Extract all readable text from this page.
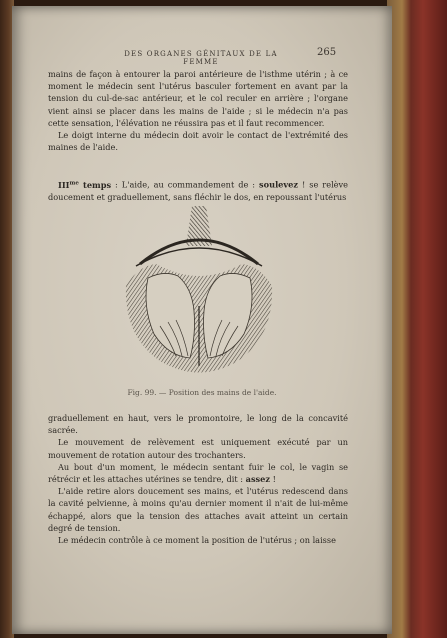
DES ORGANES GÉNITAUX DE LA FEMME
265

mains de façon à entourer la paroi antérieure de l'isthme utérin ; à ce moment le médecin sent l'utérus basculer fortement en avant par la tension du cul-de-sac antérieur, et le col reculer en arrière ; l'organe vient ainsi se placer dans les mains de l'aide ; si le médecin n'a pas cette sensation, l'élévation ne réussira pas et il faut recommencer.

Le doigt interne du médecin doit avoir le contact de l'extrémité des maines de l'aide.

$III^{me}$ temps : L'aide, au commandement de : soulevez ! se relève doucement et graduellement, sans fléchir le dos, en repoussant l'utérus

Fig. 99. — Position des mains de l'aide.

graduellement en haut, vers le promontoire, le long de la concavité sacrée.

Le mouvement de relèvement est uniquement exécuté par un mouvement de rotation autour des trochanters.

Au bout d'un moment, le médecin sentant fuir le col, le vagin se rétrécir et les attaches utérines se tendre, dit : assez !

L'aide retire alors doucement ses mains, et l'utérus redescend dans la cavité pelvienne, à moins qu'au dernier moment il n'ait de lui-même échappé, alors que la tension des attaches avait atteint un certain degré de tension.

Le médecin contrôle à ce moment la position de l'utérus ; on laisse
